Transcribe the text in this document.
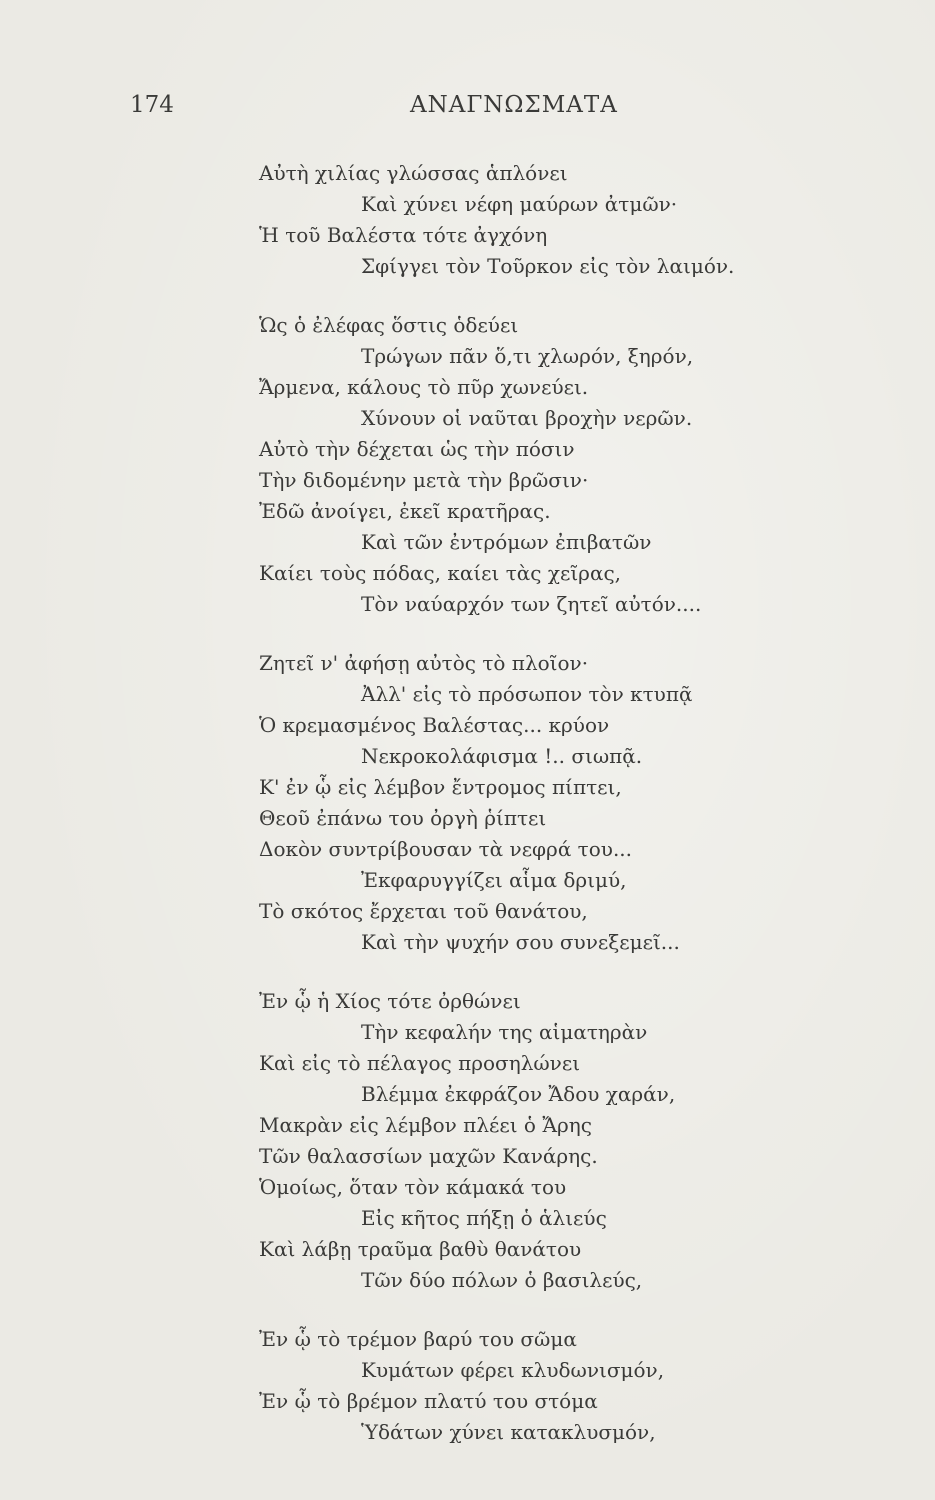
174	ΑΝΑΓΝΩΣΜΑΤΑ
Αὐτὴ χιλίας γλώσσας ἁπλόνει
Καὶ χύνει νέφη μαύρων ἀτμῶν·
Ἡ τοῦ Βαλέστα τότε ἀγχόνη
Σφίγγει τὸν Τοῦρκον εἰς τὸν λαιμόν.
Ὡς ὁ ἐλέφας ὅστις ὁδεύει
Τρώγων πᾶν ὅ,τι χλωρόν, ξηρόν,
Ἄρμενα, κάλους τὸ πῦρ χωνεύει.
Χύνουν οἱ ναῦται βροχὴν νερῶν.
Αὐτὸ τὴν δέχεται ὡς τὴν πόσιν
Τὴν διδομένην μετὰ τὴν βρῶσιν·
Ἐδῶ ἀνοίγει, ἐκεῖ κρατῆρας.
Καὶ τῶν ἐντρόμων ἐπιβατῶν
Καίει τοὺς πόδας, καίει τὰς χεῖρας,
Τὸν ναύαρχόν των ζητεῖ αὐτόν....
Ζητεῖ ν' ἀφήσῃ αὐτὸς τὸ πλοῖον·
Ἀλλ' εἰς τὸ πρόσωπον τὸν κτυπᾷ
Ὁ κρεμασμένος Βαλέστας... κρύον
Νεκροκολάφισμα !.. σιωπᾷ.
Κ' ἐν ᾧ εἰς λέμβον ἔντρομος πίπτει,
Θεοῦ ἐπάνω του ὀργὴ ῥίπτει
Δοκὸν συντρίβουσαν τὰ νεφρά του...
Ἐκφαρυγγίζει αἷμα δριμύ,
Τὸ σκότος ἔρχεται τοῦ θανάτου,
Καὶ τὴν ψυχήν σου συνεξεμεῖ...
Ἐν ᾧ ἡ Χίος τότε ὀρθώνει
Τὴν κεφαλήν της αἱματηρὰν
Καὶ εἰς τὸ πέλαγος προσηλώνει
Βλέμμα ἐκφράζον Ἄδου χαράν,
Μακρὰν εἰς λέμβον πλέει ὁ Ἄρης
Τῶν θαλασσίων μαχῶν Κανάρης.
Ὁμοίως, ὅταν τὸν κάμακά του
Εἰς κῆτος πήξῃ ὁ ἁλιεύς
Καὶ λάβῃ τραῦμα βαθὺ θανάτου
Τῶν δύο πόλων ὁ βασιλεύς,
Ἐν ᾧ τὸ τρέμον βαρύ του σῶμα
Κυμάτων φέρει κλυδωνισμόν,
Ἐν ᾧ τὸ βρέμον πλατύ του στόμα
Ὑδάτων χύνει κατακλυσμόν,
